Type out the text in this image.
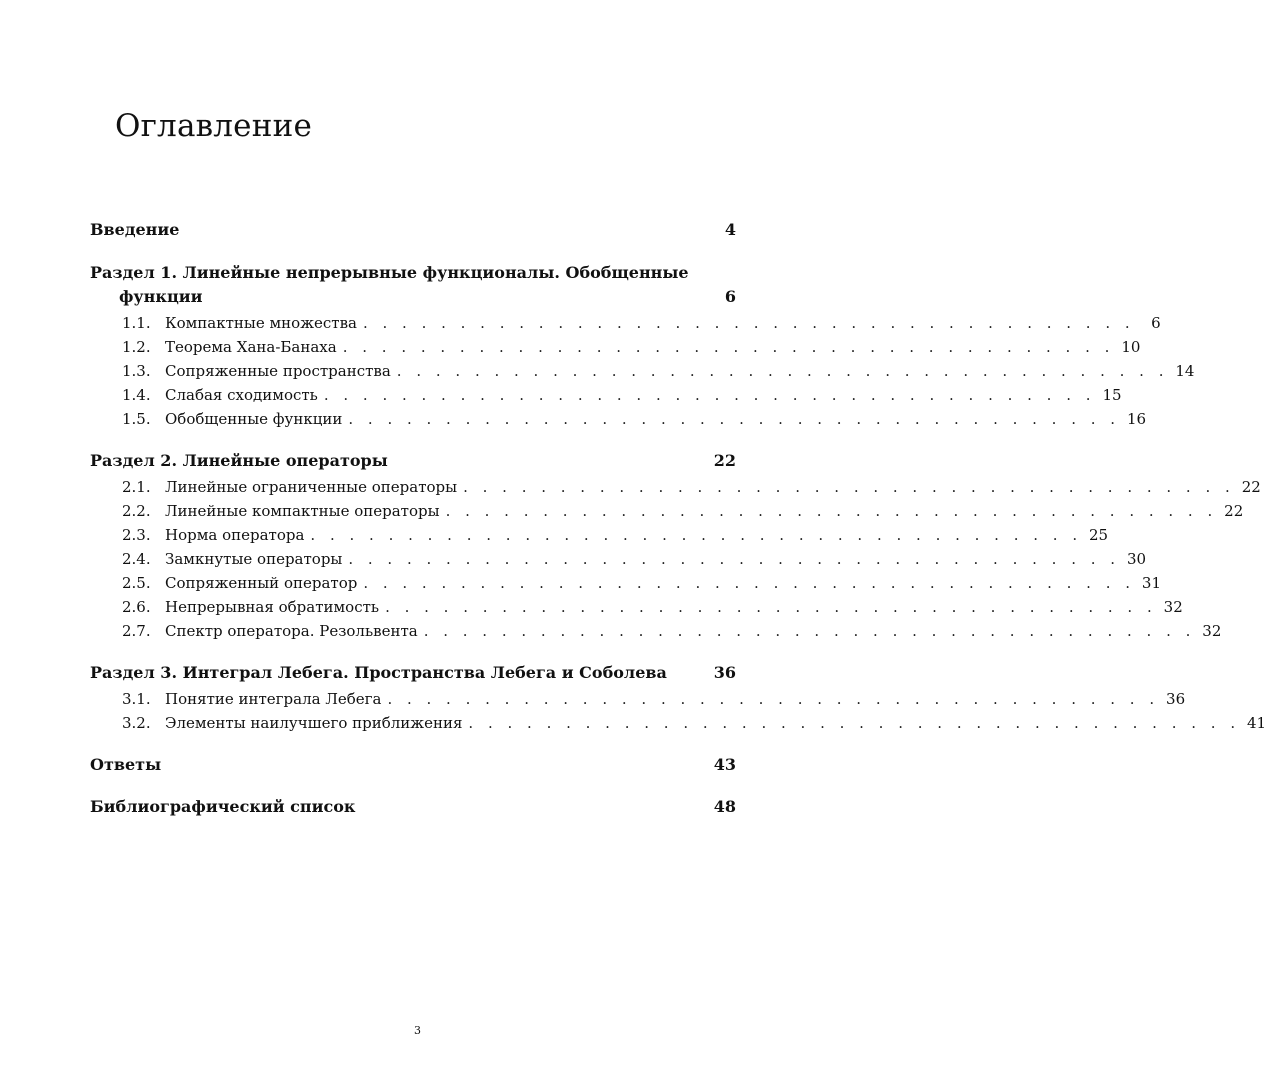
Оглавление
Введение	4
Раздел 1. Линейные непрерывные функционалы. Обобщенные
функции	6
1.1. Компактные множества . . . . . . . . . . . . . . . . . . . . . . . . . . . . . . . . . . . . . . . .	6
1.2. Теорема Хана-Банаха . . . . . . . . . . . . . . . . . . . . . . . . . . . . . . . . . . . . . . . . 10
1.3. Сопряженные пространства . . . . . . . . . . . . . . . . . . . . . . . . . . . . . . . . . . . . . . . . 14
1.4. Слабая сходимость . . . . . . . . . . . . . . . . . . . . . . . . . . . . . . . . . . . . . . . . 15
1.5. Обобщенные функции . . . . . . . . . . . . . . . . . . . . . . . . . . . . . . . . . . . . . . . . 16
Раздел 2. Линейные операторы	22
2.1. Линейные ограниченные операторы . . . . . . . . . . . . . . . . . . . . . . . . . . . . . . . . . . . . . . . . 22
2.2. Линейные компактные операторы . . . . . . . . . . . . . . . . . . . . . . . . . . . . . . . . . . . . . . . . 22
2.3. Норма оператора . . . . . . . . . . . . . . . . . . . . . . . . . . . . . . . . . . . . . . . . 25
2.4. Замкнутые операторы . . . . . . . . . . . . . . . . . . . . . . . . . . . . . . . . . . . . . . . . 30
2.5. Сопряженный оператор . . . . . . . . . . . . . . . . . . . . . . . . . . . . . . . . . . . . . . . . 31
2.6. Непрерывная обратимость . . . . . . . . . . . . . . . . . . . . . . . . . . . . . . . . . . . . . . . . 32
2.7. Спектр оператора. Резольвента . . . . . . . . . . . . . . . . . . . . . . . . . . . . . . . . . . . . . . . . 32
Раздел 3. Интеграл Лебега. Пространства Лебега и Соболева	36
3.1. Понятие интеграла Лебега . . . . . . . . . . . . . . . . . . . . . . . . . . . . . . . . . . . . . . . . 36
3.2. Элементы наилучшего приближения . . . . . . . . . . . . . . . . . . . . . . . . . . . . . . . . . . . . . . . . 41
Ответы	43
Библиографический список	48
3
